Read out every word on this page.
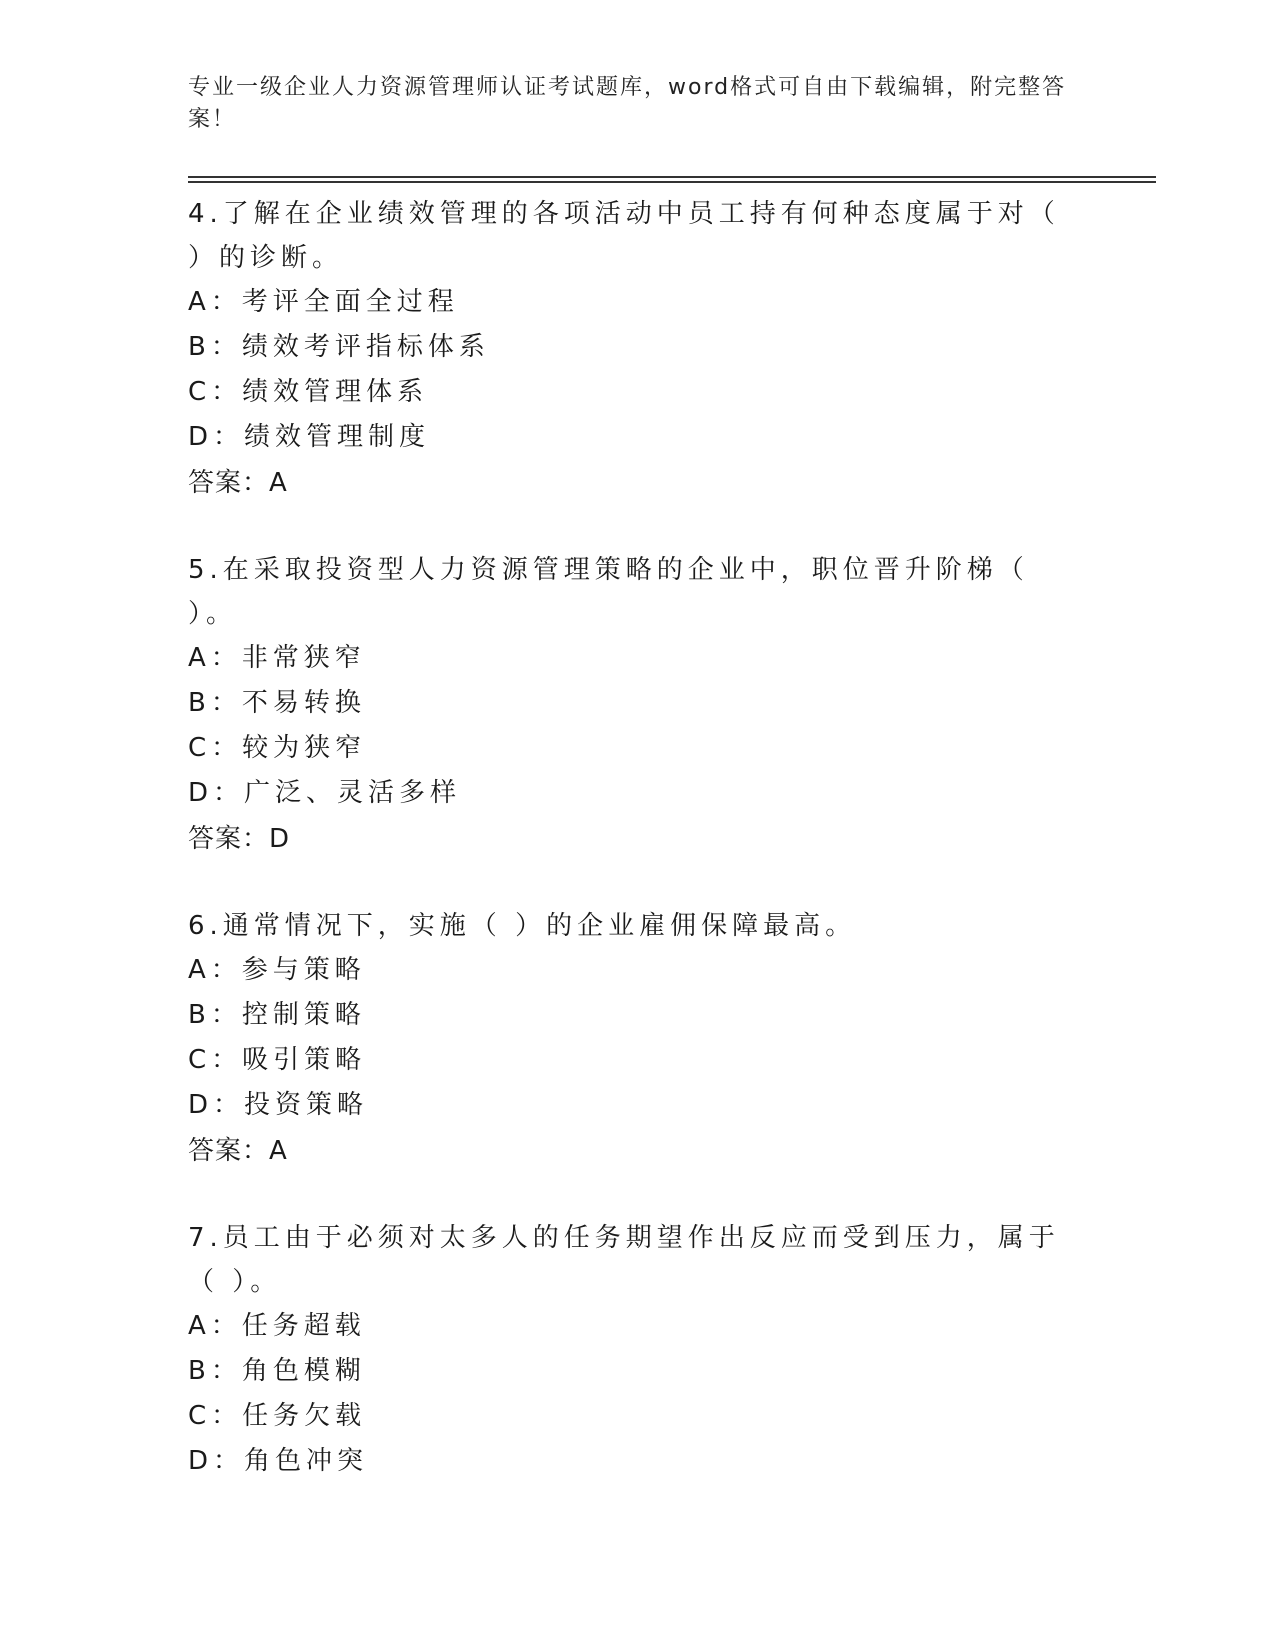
专业一级企业人力资源管理师认证考试题库，word格式可自由下载编辑，附完整答案！

4.了解在企业绩效管理的各项活动中员工持有何种态度属于对（ ）的诊断。

A：考评全面全过程

B：绩效考评指标体系

C：绩效管理体系

D：绩效管理制度

答案：A

5.在采取投资型人力资源管理策略的企业中，职位晋升阶梯（ ）。

A：非常狭窄

B：不易转换

C：较为狭窄

D：广泛、灵活多样

答案：D

6.通常情况下，实施（ ）的企业雇佣保障最高。

A：参与策略

B：控制策略

C：吸引策略

D：投资策略

答案：A

7.员工由于必须对太多人的任务期望作出反应而受到压力，属于（ ）。

A：任务超载

B：角色模糊

C：任务欠载

D：角色冲突
